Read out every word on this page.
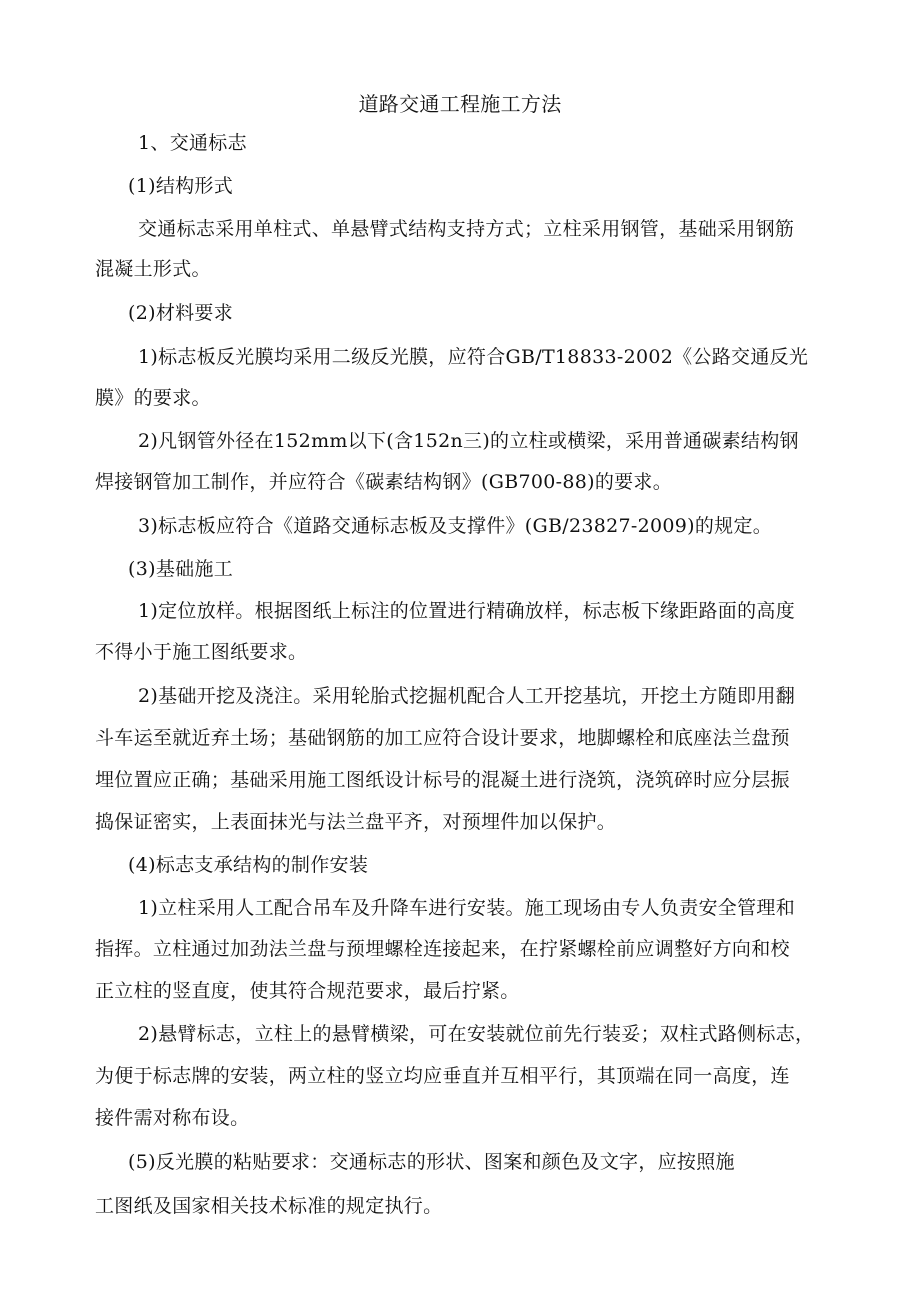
道路交通工程施工方法
1、交通标志
(1)结构形式
交通标志采用单柱式、单悬臂式结构支持方式；立柱采用钢管，基础采用钢筋
混凝土形式。
(2)材料要求
1)标志板反光膜均采用二级反光膜，应符合GB/T18833-2002《公路交通反光
膜》的要求。
2)凡钢管外径在152mm以下(含152n三)的立柱或横梁，采用普通碳素结构钢
焊接钢管加工制作，并应符合《碳素结构钢》(GB700-88)的要求。
3)标志板应符合《道路交通标志板及支撑件》(GB/23827-2009)的规定。
(3)基础施工
1)定位放样。根据图纸上标注的位置进行精确放样，标志板下缘距路面的高度
不得小于施工图纸要求。
2)基础开挖及浇注。采用轮胎式挖掘机配合人工开挖基坑，开挖土方随即用翻
斗车运至就近弃土场；基础钢筋的加工应符合设计要求，地脚螺栓和底座法兰盘预
埋位置应正确；基础采用施工图纸设计标号的混凝土进行浇筑，浇筑碎时应分层振
捣保证密实，上表面抹光与法兰盘平齐，对预埋件加以保护。
(4)标志支承结构的制作安装
1)立柱采用人工配合吊车及升降车进行安装。施工现场由专人负责安全管理和
指挥。立柱通过加劲法兰盘与预埋螺栓连接起来，在拧紧螺栓前应调整好方向和校
正立柱的竖直度，使其符合规范要求，最后拧紧。
2)悬臂标志，立柱上的悬臂横梁，可在安装就位前先行装妥；双柱式路侧标志，
为便于标志牌的安装，两立柱的竖立均应垂直并互相平行，其顶端在同一高度，连
接件需对称布设。
(5)反光膜的粘贴要求：交通标志的形状、图案和颜色及文字，应按照施
工图纸及国家相关技术标准的规定执行。
